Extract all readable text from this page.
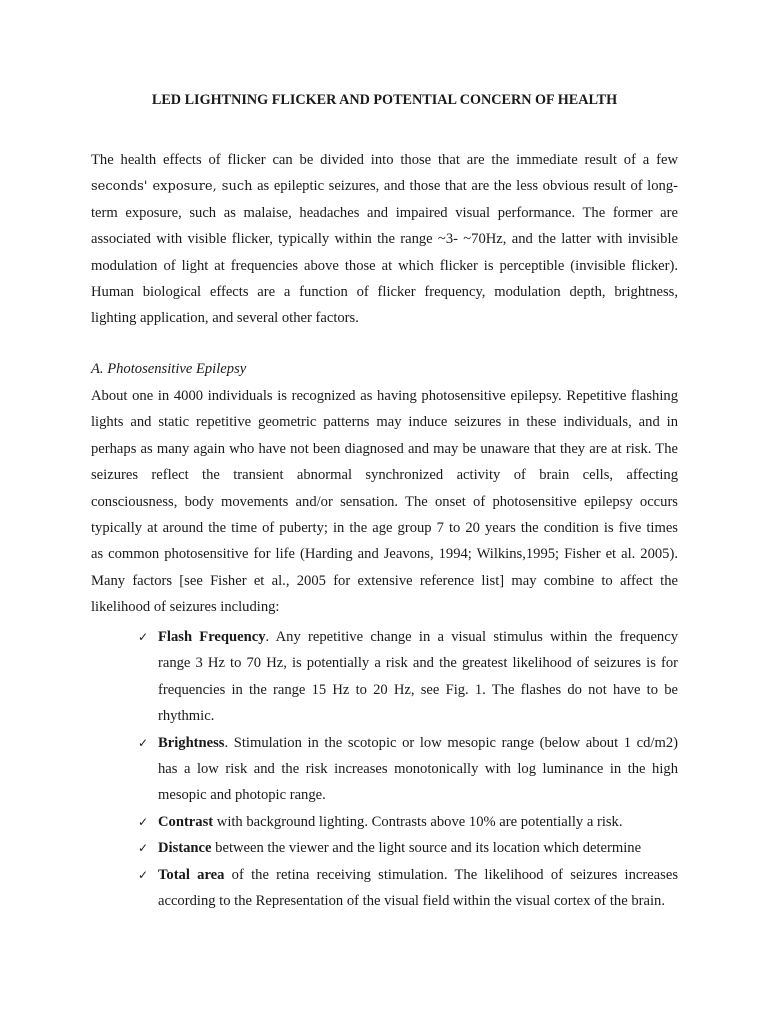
LED LIGHTNING FLICKER AND POTENTIAL CONCERN OF HEALTH
The health effects of flicker can be divided into those that are the immediate result of a few
seconds' exposure, such as epileptic seizures, and those that are the less obvious result of long-
term exposure, such as malaise, headaches and impaired visual performance. The former are
associated with visible flicker, typically within the range ~3- ~70Hz, and the latter with invisible
modulation of light at frequencies above those at which flicker is perceptible (invisible flicker).
Human biological effects are a function of flicker frequency, modulation depth, brightness,
lighting application, and several other factors.
A. Photosensitive Epilepsy
About one in 4000 individuals is recognized as having photosensitive epilepsy. Repetitive flashing
lights and static repetitive geometric patterns may induce seizures in these individuals, and in
perhaps as many again who have not been diagnosed and may be unaware that they are at risk. The
seizures reflect the transient abnormal synchronized activity of brain cells, affecting
consciousness, body movements and/or sensation. The onset of photosensitive epilepsy occurs
typically at around the time of puberty; in the age group 7 to 20 years the condition is five times
as common photosensitive for life (Harding and Jeavons, 1994; Wilkins,1995; Fisher et al. 2005).
Many factors [see Fisher et al., 2005 for extensive reference list] may combine to affect the
likelihood of seizures including:
✓ Flash Frequency. Any repetitive change in a visual stimulus within the frequency
range 3 Hz to 70 Hz, is potentially a risk and the greatest likelihood of seizures is for
frequencies in the range 15 Hz to 20 Hz, see Fig. 1. The flashes do not have to be
rhythmic.
✓ Brightness. Stimulation in the scotopic or low mesopic range (below about 1 cd/m2)
has a low risk and the risk increases monotonically with log luminance in the high
mesopic and photopic range.
✓ Contrast with background lighting. Contrasts above 10% are potentially a risk.
✓ Distance between the viewer and the light source and its location which determine
✓ Total area of the retina receiving stimulation. The likelihood of seizures increases
according to the Representation of the visual field within the visual cortex of the brain.
